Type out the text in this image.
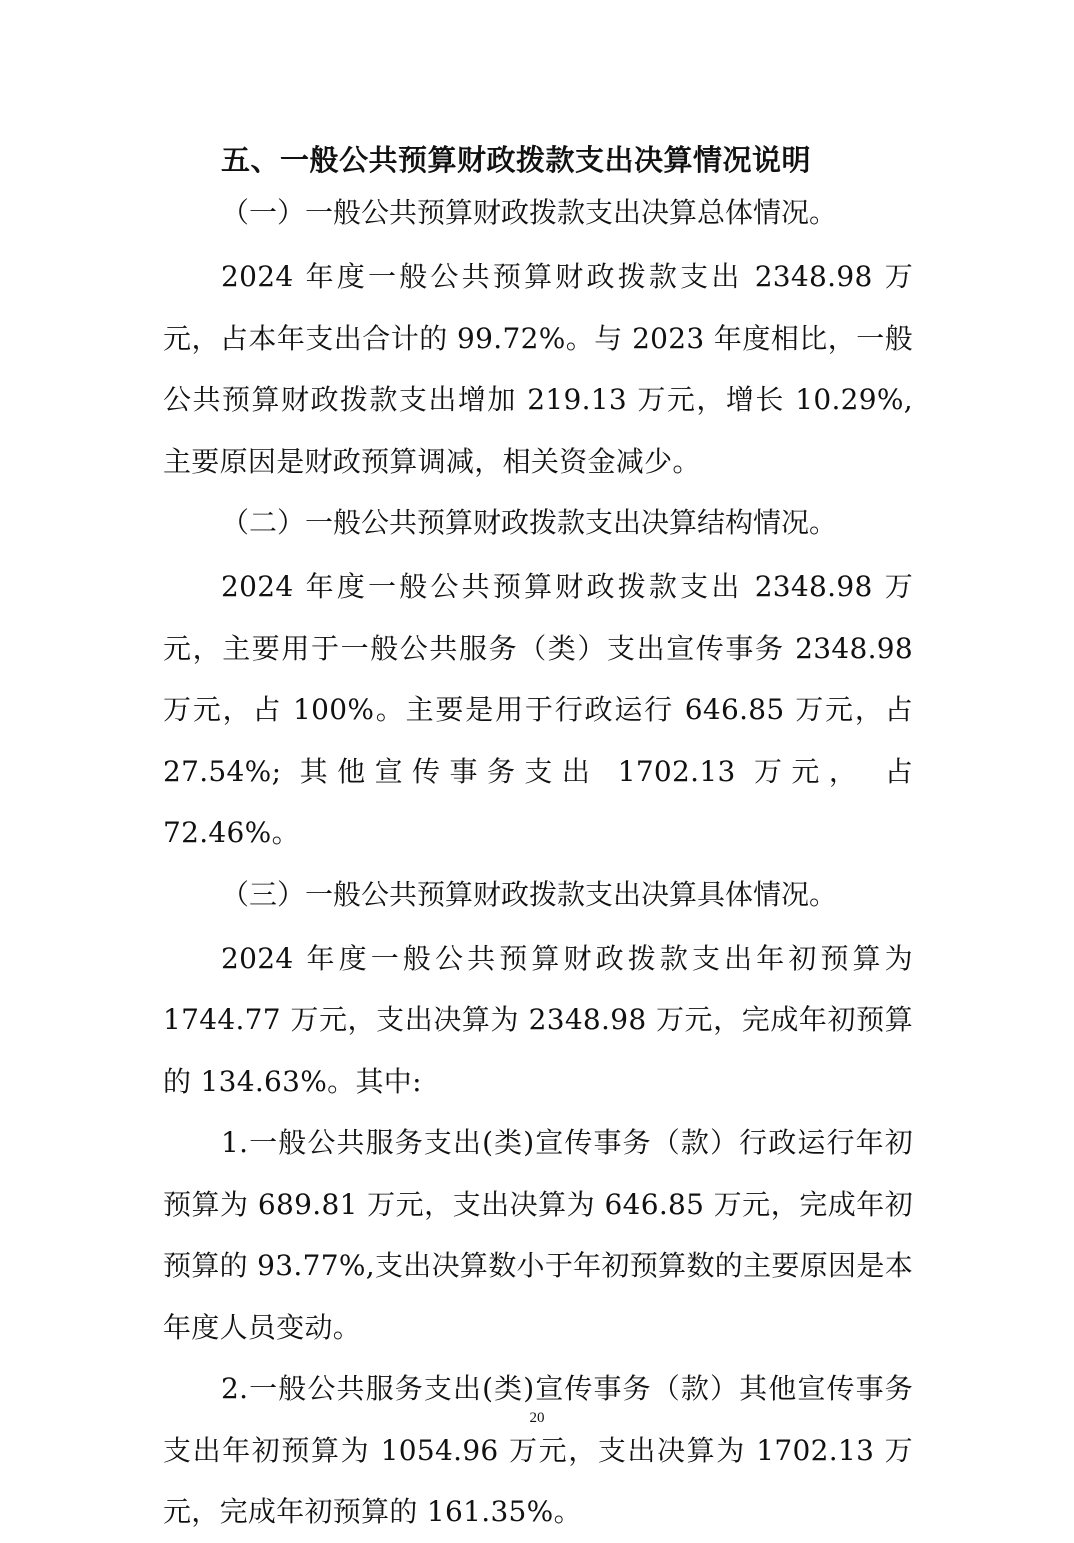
五、一般公共预算财政拨款支出决算情况说明

（一）一般公共预算财政拨款支出决算总体情况。

2024 年度一般公共预算财政拨款支出 2348.98 万元，占本年支出合计的 99.72%。与 2023 年度相比，一般公共预算财政拨款支出增加 219.13 万元，增长 10.29%,主要原因是财政预算调减，相关资金减少。

（二）一般公共预算财政拨款支出决算结构情况。

2024 年度一般公共预算财政拨款支出 2348.98 万元，主要用于一般公共服务（类）支出宣传事务 2348.98 万元，占 100%。主要是用于行政运行 646.85 万元，占 27.54%; 其他宣传事务支出 1702.13 万元， 占 72.46%。

（三）一般公共预算财政拨款支出决算具体情况。

2024 年度一般公共预算财政拨款支出年初预算为 1744.77 万元，支出决算为 2348.98 万元，完成年初预算的 134.63%。其中:

1.一般公共服务支出(类)宣传事务（款）行政运行年初预算为 689.81 万元，支出决算为 646.85 万元，完成年初预算的 93.77%,支出决算数小于年初预算数的主要原因是本年度人员变动。

2.一般公共服务支出(类)宣传事务（款）其他宣传事务支出年初预算为 1054.96 万元，支出决算为 1702.13 万元，完成年初预算的 161.35%。

20
